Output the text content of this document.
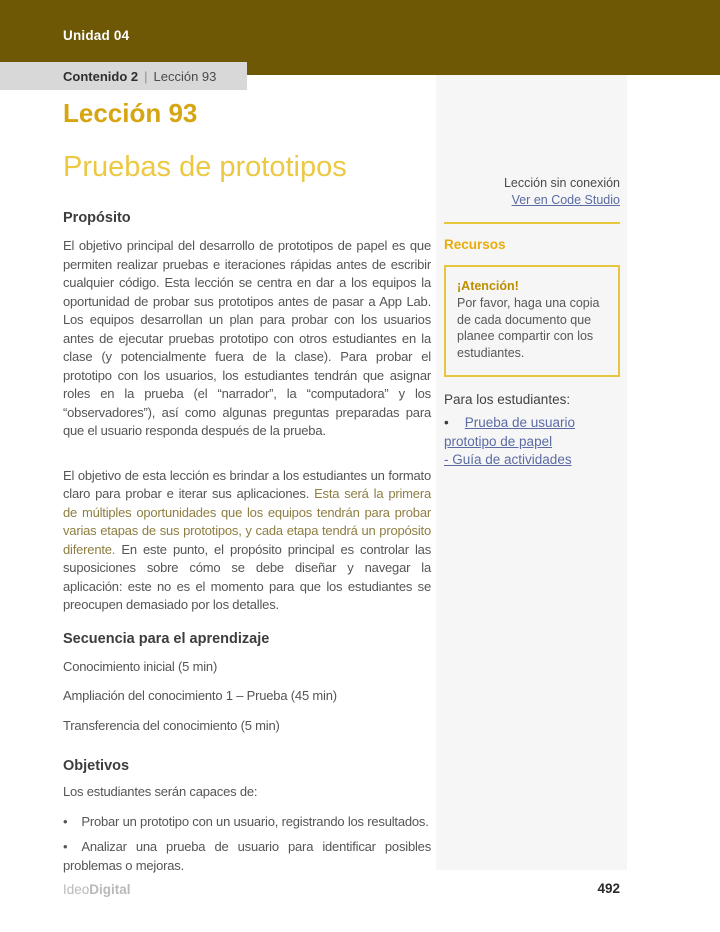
Unidad 04
Contenido 2 | Lección 93
Lección sin conexión
Ver en Code Studio
Recursos

¡Atención!

Por favor, haga una copia de cada documento que planee compartir con los estudiantes.

Para los estudiantes:
• Prueba de usuario
prototipo de papel
- Guía de actividades
Lección 93
Pruebas de prototipos
Propósito

El objetivo principal del desarrollo de prototipos de papel es que permiten realizar pruebas e iteraciones rápidas antes de escribir cualquier código. Esta lección se centra en dar a los equipos la oportunidad de probar sus prototipos antes de pasar a App Lab. Los equipos desarrollan un plan para probar con los usuarios antes de ejecutar pruebas prototipo con otros estudiantes en la clase (y potencialmente fuera de la clase). Para probar el prototipo con los usuarios, los estudiantes tendrán que asignar roles en la prueba (el “narrador”, la “computadora” y los “observadores”), así como algunas preguntas preparadas para que el usuario responda después de la prueba.

El objetivo de esta lección es brindar a los estudiantes un formato claro para probar e iterar sus aplicaciones. Esta será la primera de múltiples oportunidades que los equipos tendrán para probar varias etapas de sus prototipos, y cada etapa tendrá un propósito diferente. En este punto, el propósito principal es controlar las suposiciones sobre cómo se debe diseñar y navegar la aplicación: este no es el momento para que los estudiantes se preocupen demasiado por los detalles.

Secuencia para el aprendizaje

Conocimiento inicial (5 min)

Ampliación del conocimiento 1 – Prueba (45 min)

Transferencia del conocimiento (5 min)

Objetivos

Los estudiantes serán capaces de:

• Probar un prototipo con un usuario, registrando los resultados.

• Analizar una prueba de usuario para identificar posibles problemas o mejoras.

IdeoDigital	492
